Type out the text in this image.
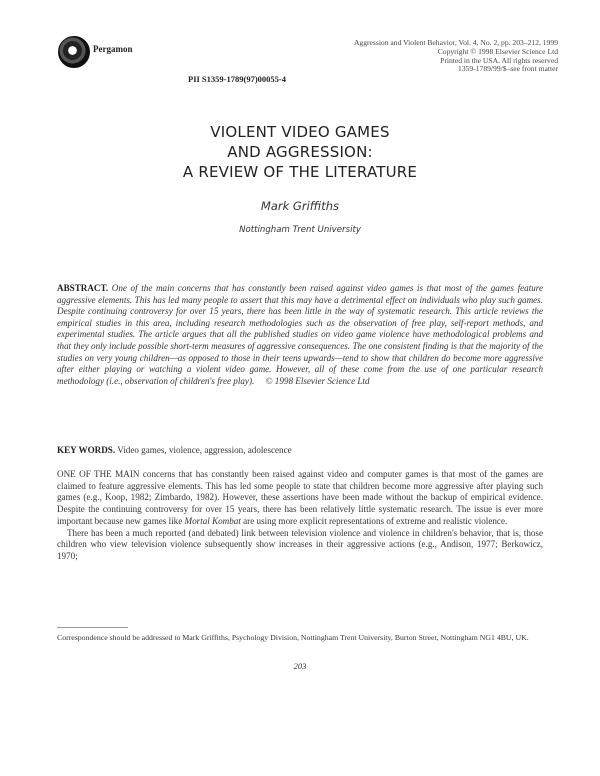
Pergamon
Aggression and Violent Behavior, Vol. 4, No. 2, pp. 203–212, 1999
Copyright © 1998 Elsevier Science Ltd
Printed in the USA. All rights reserved
1359-1789/99/$–see front matter
PII S1359-1789(97)00055-4
VIOLENT VIDEO GAMES
AND AGGRESSION:
A REVIEW OF THE LITERATURE
Mark Griffiths
Nottingham Trent University
ABSTRACT. One of the main concerns that has constantly been raised against video games is that most of the games feature aggressive elements. This has led many people to assert that this may have a detrimental effect on individuals who play such games. Despite continuing controversy for over 15 years, there has been little in the way of systematic research. This article reviews the empirical studies in this area, including research methodologies such as the observation of free play, self-report methods, and experimental studies. The article argues that all the published studies on video game violence have methodological problems and that they only include possible short-term measures of aggressive consequences. The one consistent finding is that the majority of the studies on very young children—as opposed to those in their teens upwards—tend to show that children do become more aggressive after either playing or watching a violent video game. However, all of these come from the use of one particular research methodology (i.e., observation of children's free play). © 1998 Elsevier Science Ltd
KEY WORDS. Video games, violence, aggression, adolescence

ONE OF THE MAIN concerns that has constantly been raised against video and computer games is that most of the games are claimed to feature aggressive elements. This has led some people to state that children become more aggressive after playing such games (e.g., Koop, 1982; Zimbardo, 1982). However, these assertions have been made without the backup of empirical evidence. Despite the continuing controversy for over 15 years, there has been relatively little systematic research. The issue is ever more important because new games like Mortal Kombat are using more explicit representations of extreme and realistic violence.

There has been a much reported (and debated) link between television violence and violence in children's behavior, that is, those children who view television violence subsequently show increases in their aggressive actions (e.g., Andison, 1977; Berkowicz, 1970;

Correspondence should be addressed to Mark Griffiths, Psychology Division, Nottingham Trent University, Burton Street, Nottingham NG1 4BU, UK.
203
